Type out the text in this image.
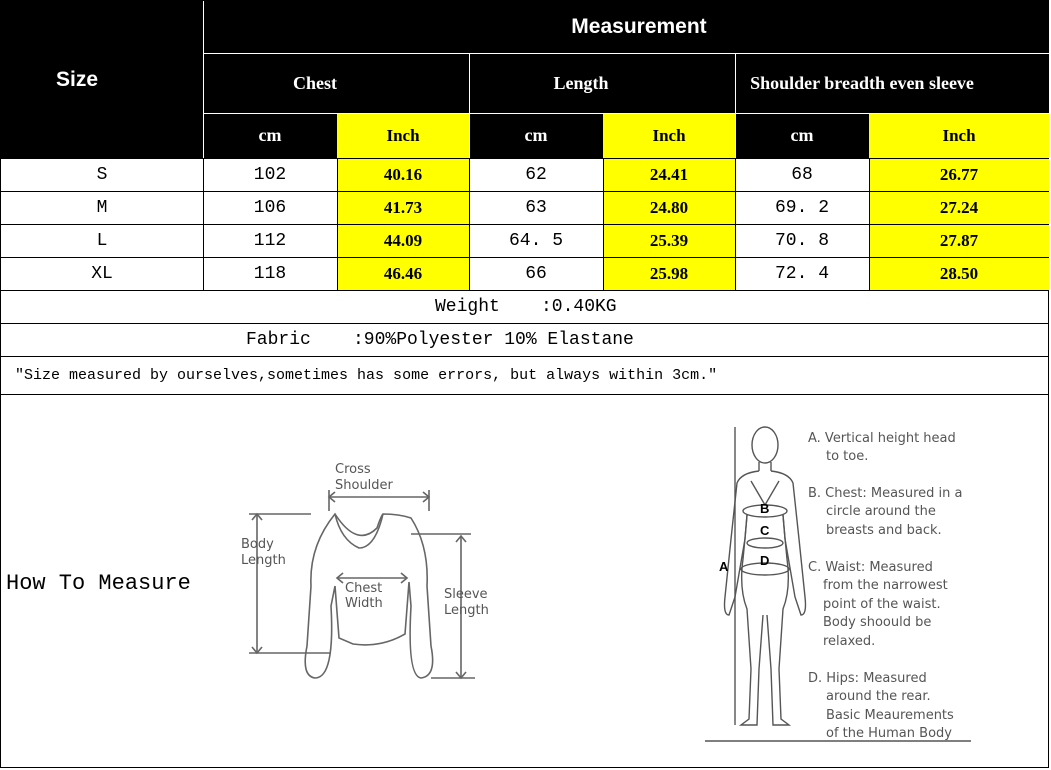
Size
Measurement
Chest	Length	Shoulder breadth even sleeve
cm	Inch	cm	Inch	cm	Inch
S	102	40.16	62	24.41	68	26.77
M	106	41.73	63	24.80	69. 2	27.24
L	112	44.09	64. 5	25.39	70. 8	27.87
XL	118	46.46	66	25.98	72. 4	28.50
Weight :0.40KG
Fabric :90%Polyester 10% Elastane
"Size measured by ourselves,sometimes has some errors, but always within 3cm."
How To Measure
Cross
Shoulder
Body
Length
Chest
Width
Sleeve
Length
A
B
C
D
A. Vertical height head
to toe.
B. Chest: Measured in a
circle around the
breasts and back.
C. Waist: Measured
from the narrowest
point of the waist.
Body shoould be
relaxed.
D. Hips: Measured
around the rear.
Basic Meaurements
of the Human Body
